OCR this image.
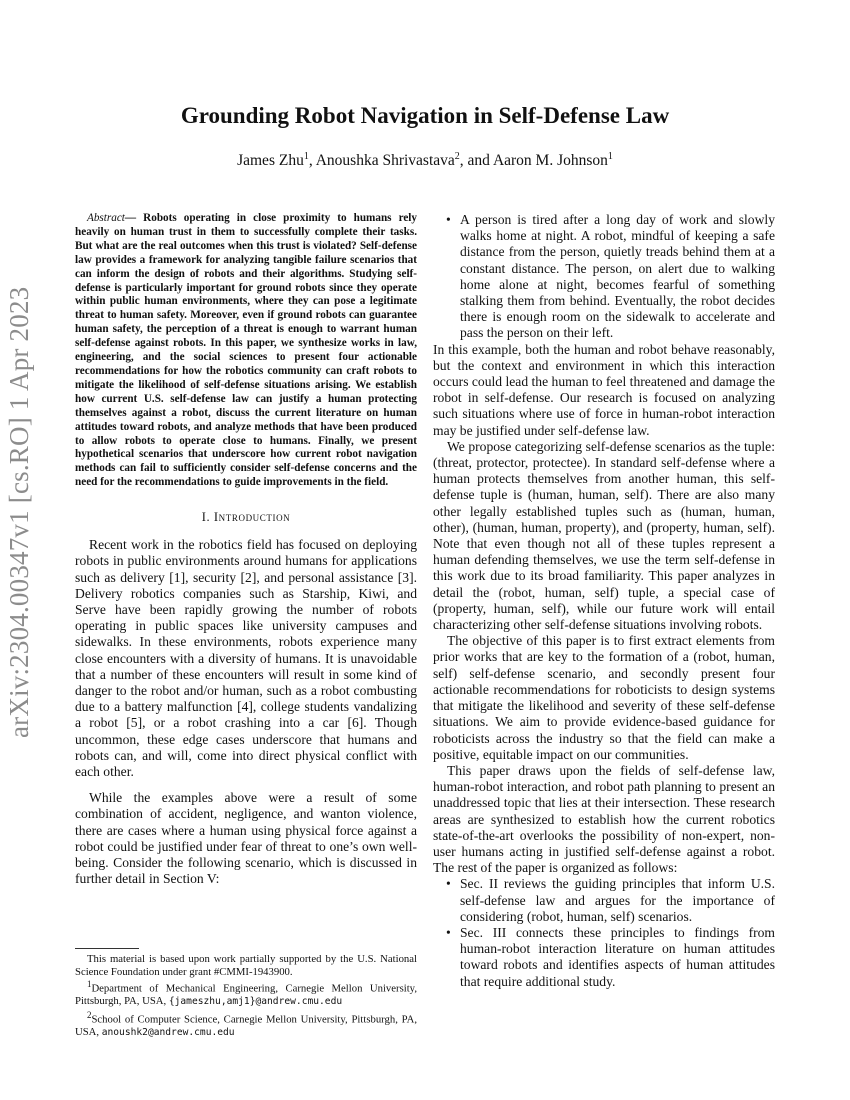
arXiv:2304.00347v1 [cs.RO] 1 Apr 2023
Grounding Robot Navigation in Self-Defense Law
James Zhu$^1$, Anoushka Shrivastava$^2$, and Aaron M. Johnson$^1$

Abstract— Robots operating in close proximity to humans rely heavily on human trust in them to successfully complete their tasks. But what are the real outcomes when this trust is violated? Self-defense law provides a framework for analyzing tangible failure scenarios that can inform the design of robots and their algorithms. Studying self-defense is particularly important for ground robots since they operate within public human environments, where they can pose a legitimate threat to human safety. Moreover, even if ground robots can guarantee human safety, the perception of a threat is enough to warrant human self-defense against robots. In this paper, we synthesize works in law, engineering, and the social sciences to present four actionable recommendations for how the robotics community can craft robots to mitigate the likelihood of self-defense situations arising. We establish how current U.S. self-defense law can justify a human protecting themselves against a robot, discuss the current literature on human attitudes toward robots, and analyze methods that have been produced to allow robots to operate close to humans. Finally, we present hypothetical scenarios that underscore how current robot navigation methods can fail to sufficiently consider self-defense concerns and the need for the recommendations to guide improvements in the field.

I. Introduction

Recent work in the robotics field has focused on deploying robots in public environments around humans for applications such as delivery [1], security [2], and personal assistance [3]. Delivery robotics companies such as Starship, Kiwi, and Serve have been rapidly growing the number of robots operating in public spaces like university campuses and sidewalks. In these environments, robots experience many close encounters with a diversity of humans. It is unavoidable that a number of these encounters will result in some kind of danger to the robot and/or human, such as a robot combusting due to a battery malfunction [4], college students vandalizing a robot [5], or a robot crashing into a car [6]. Though uncommon, these edge cases underscore that humans and robots can, and will, come into direct physical conflict with each other.

While the examples above were a result of some combination of accident, negligence, and wanton violence, there are cases where a human using physical force against a robot could be justified under fear of threat to one’s own well-being. Consider the following scenario, which is discussed in further detail in Section V:

• A person is tired after a long day of work and slowly walks home at night. A robot, mindful of keeping a safe distance from the person, quietly treads behind them at a constant distance. The person, on alert due to walking home alone at night, becomes fearful of something stalking them from behind. Eventually, the robot decides there is enough room on the sidewalk to accelerate and pass the person on their left.

In this example, both the human and robot behave reasonably, but the context and environment in which this interaction occurs could lead the human to feel threatened and damage the robot in self-defense. Our research is focused on analyzing such situations where use of force in human-robot interaction may be justified under self-defense law.

We propose categorizing self-defense scenarios as the tuple: (threat, protector, protectee). In standard self-defense where a human protects themselves from another human, this self-defense tuple is (human, human, self). There are also many other legally established tuples such as (human, human, other), (human, human, property), and (property, human, self). Note that even though not all of these tuples represent a human defending themselves, we use the term self-defense in this work due to its broad familiarity. This paper analyzes in detail the (robot, human, self) tuple, a special case of (property, human, self), while our future work will entail characterizing other self-defense situations involving robots.

The objective of this paper is to first extract elements from prior works that are key to the formation of a (robot, human, self) self-defense scenario, and secondly present four actionable recommendations for roboticists to design systems that mitigate the likelihood and severity of these self-defense situations. We aim to provide evidence-based guidance for roboticists across the industry so that the field can make a positive, equitable impact on our communities.

This paper draws upon the fields of self-defense law, human-robot interaction, and robot path planning to present an unaddressed topic that lies at their intersection. These research areas are synthesized to establish how the current robotics state-of-the-art overlooks the possibility of non-expert, non-user humans acting in justified self-defense against a robot. The rest of the paper is organized as follows:

• Sec. II reviews the guiding principles that inform U.S. self-defense law and argues for the importance of considering (robot, human, self) scenarios.
• Sec. III connects these principles to findings from human-robot interaction literature on human attitudes toward robots and identifies aspects of human attitudes that require additional study.

This material is based upon work partially supported by the U.S. National Science Foundation under grant #CMMI-1943900.

$^1$Department of Mechanical Engineering, Carnegie Mellon University, Pittsburgh, PA, USA, {jameszhu,amj1}@andrew.cmu.edu

$^2$School of Computer Science, Carnegie Mellon University, Pittsburgh, PA, USA, anoushk2@andrew.cmu.edu
